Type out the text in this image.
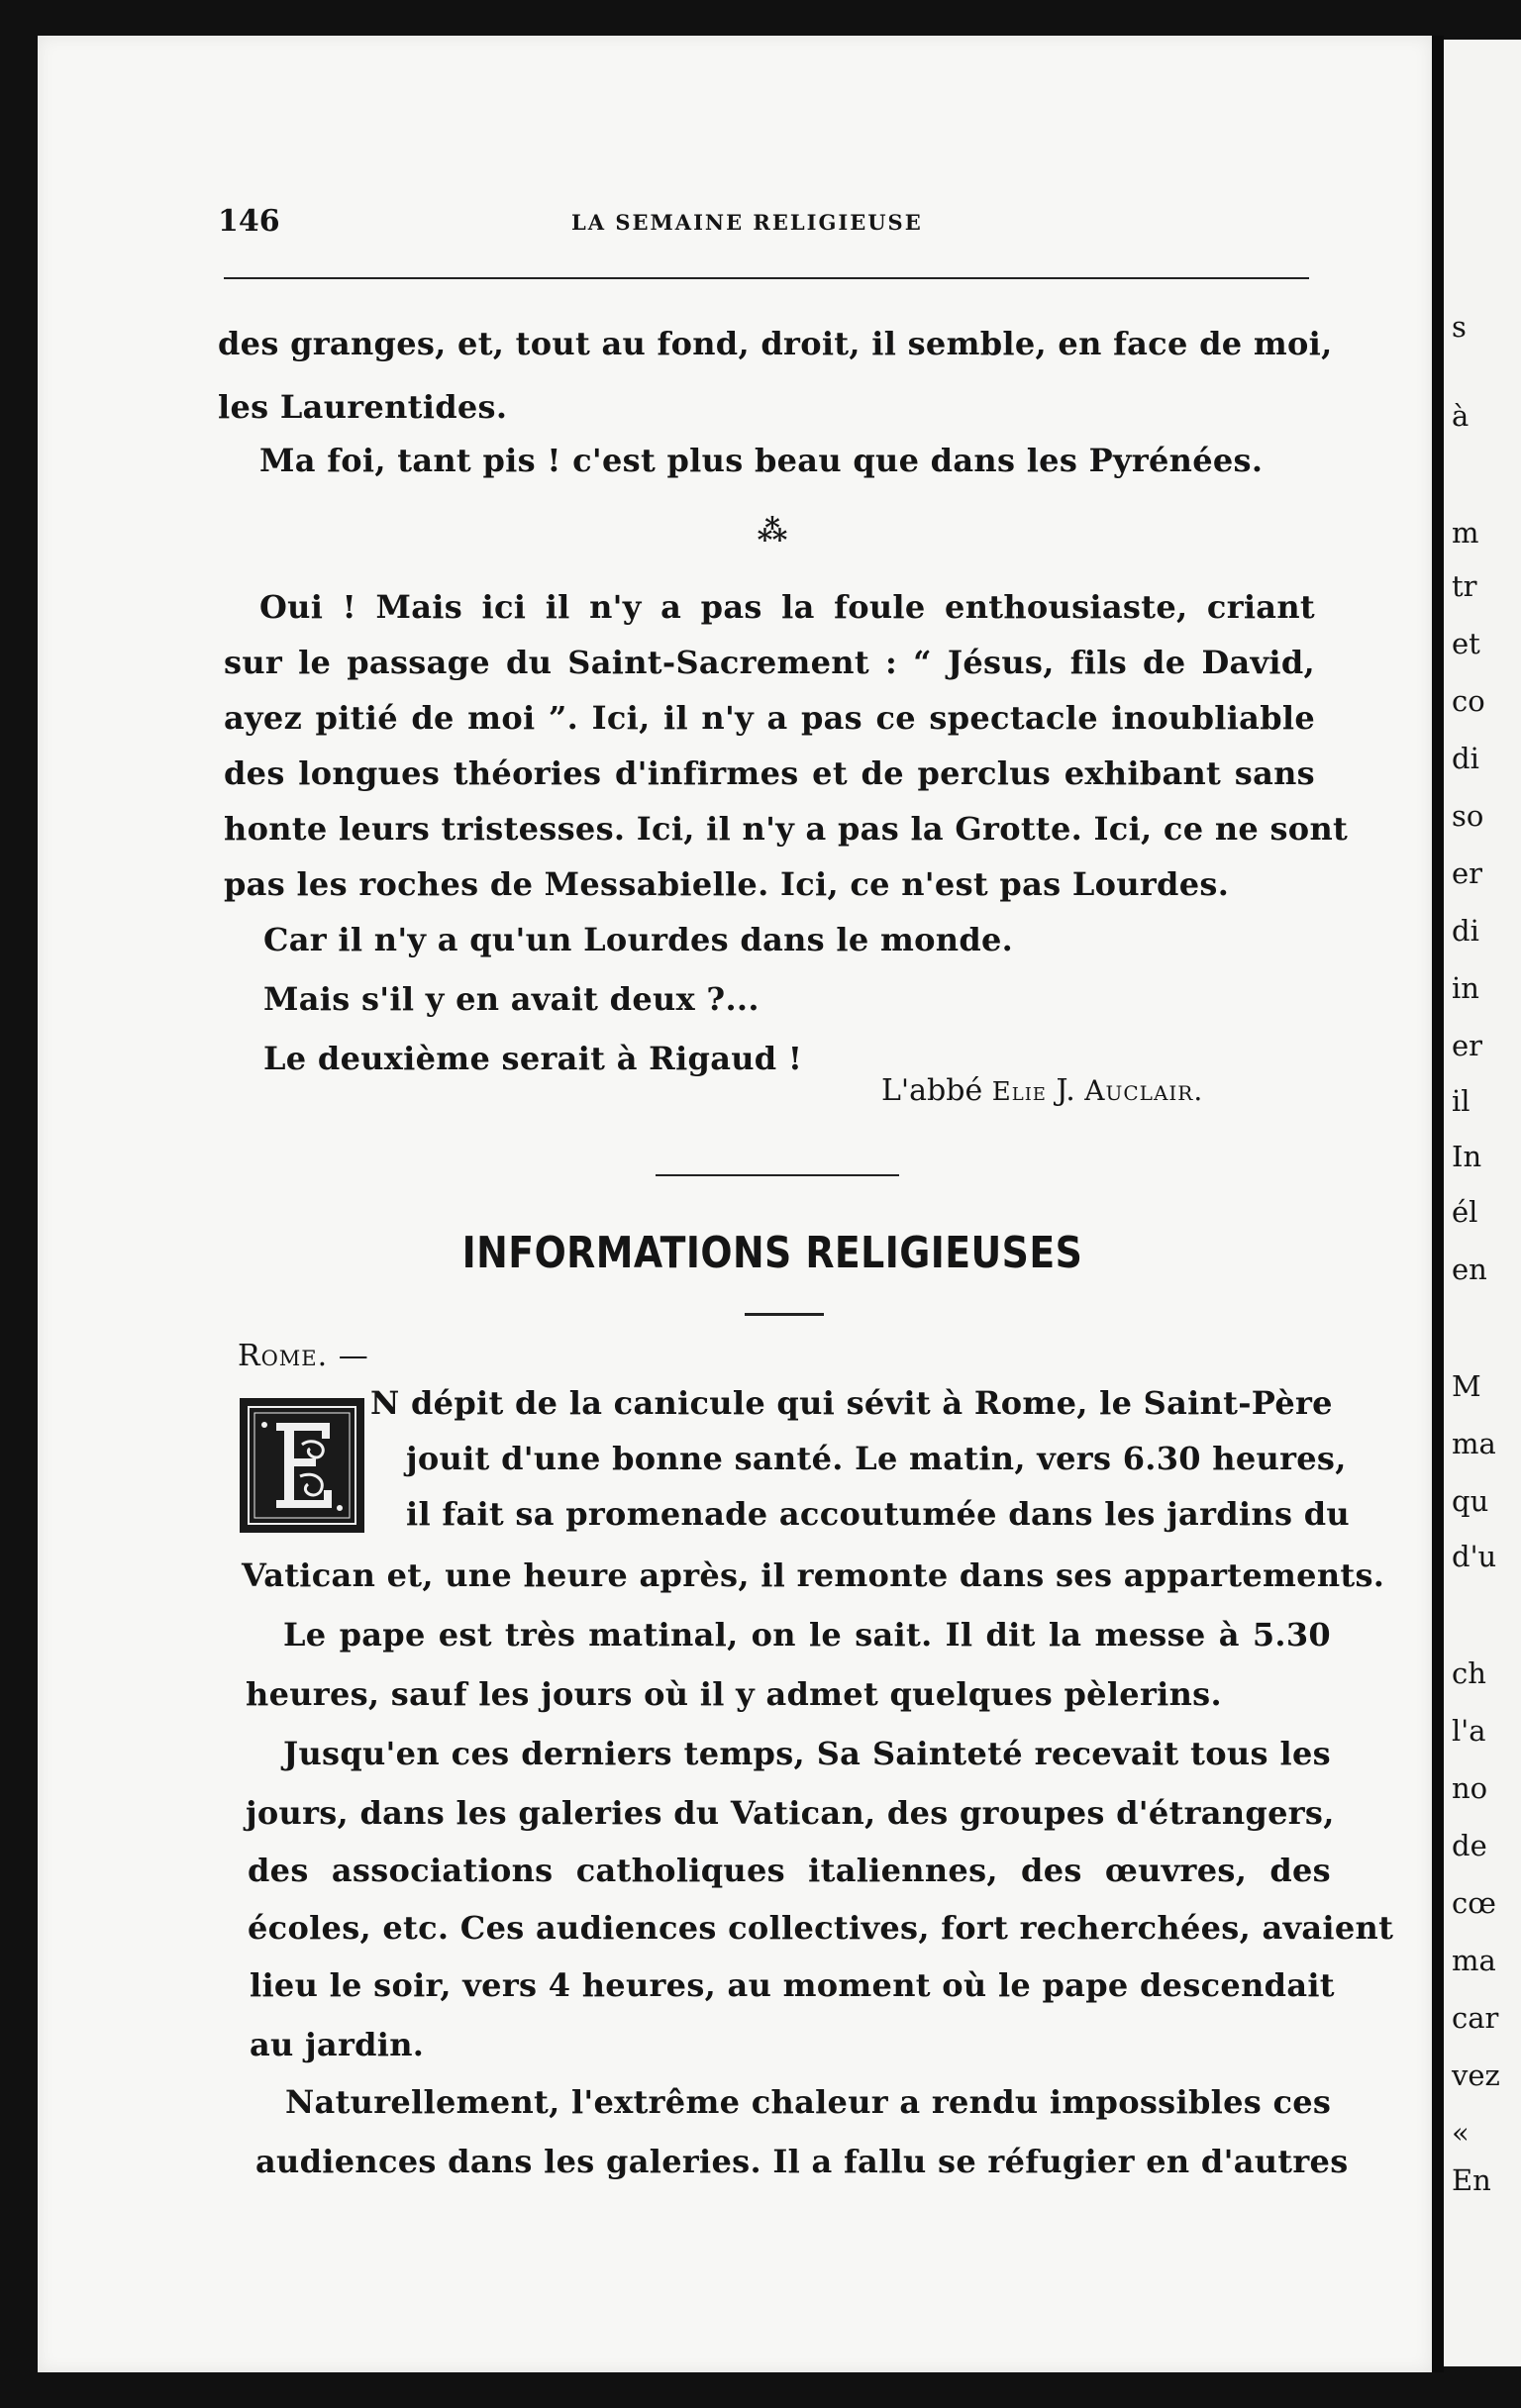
s
à
m
tr
et
co
di
so
er
di
in
er
il
In
él
en
M
ma
qu
d'u
ch
l'a
no
de
cœ
ma
car
vez
«
En
146	LA SEMAINE RELIGIEUSE
des granges, et, tout au fond, droit, il semble, en face de moi,
les Laurentides.
Ma foi, tant pis ! c'est plus beau que dans les Pyrénées.
⁂
Oui ! Mais ici il n'y a pas la foule enthousiaste, criant
sur le passage du Saint-Sacrement : “ Jésus, fils de David,
ayez pitié de moi ”. Ici, il n'y a pas ce spectacle inoubliable
des longues théories d'infirmes et de perclus exhibant sans
honte leurs tristesses. Ici, il n'y a pas la Grotte. Ici, ce ne sont
pas les roches de Messabielle. Ici, ce n'est pas Lourdes.
Car il n'y a qu'un Lourdes dans le monde.
Mais s'il y en avait deux ?...
Le deuxième serait à Rigaud !
L'abbé Elie J. Auclair.
INFORMATIONS RELIGIEUSES
Rome. —
N dépit de la canicule qui sévit à Rome, le Saint-Père
jouit d'une bonne santé. Le matin, vers 6.30 heures,
il fait sa promenade accoutumée dans les jardins du
Vatican et, une heure après, il remonte dans ses appartements.
Le pape est très matinal, on le sait. Il dit la messe à 5.30
heures, sauf les jours où il y admet quelques pèlerins.
Jusqu'en ces derniers temps, Sa Sainteté recevait tous les
jours, dans les galeries du Vatican, des groupes d'étrangers,
des associations catholiques italiennes, des œuvres, des
écoles, etc. Ces audiences collectives, fort recherchées, avaient
lieu le soir, vers 4 heures, au moment où le pape descendait
au jardin.
Naturellement, l'extrême chaleur a rendu impossibles ces
audiences dans les galeries. Il a fallu se réfugier en d'autres
